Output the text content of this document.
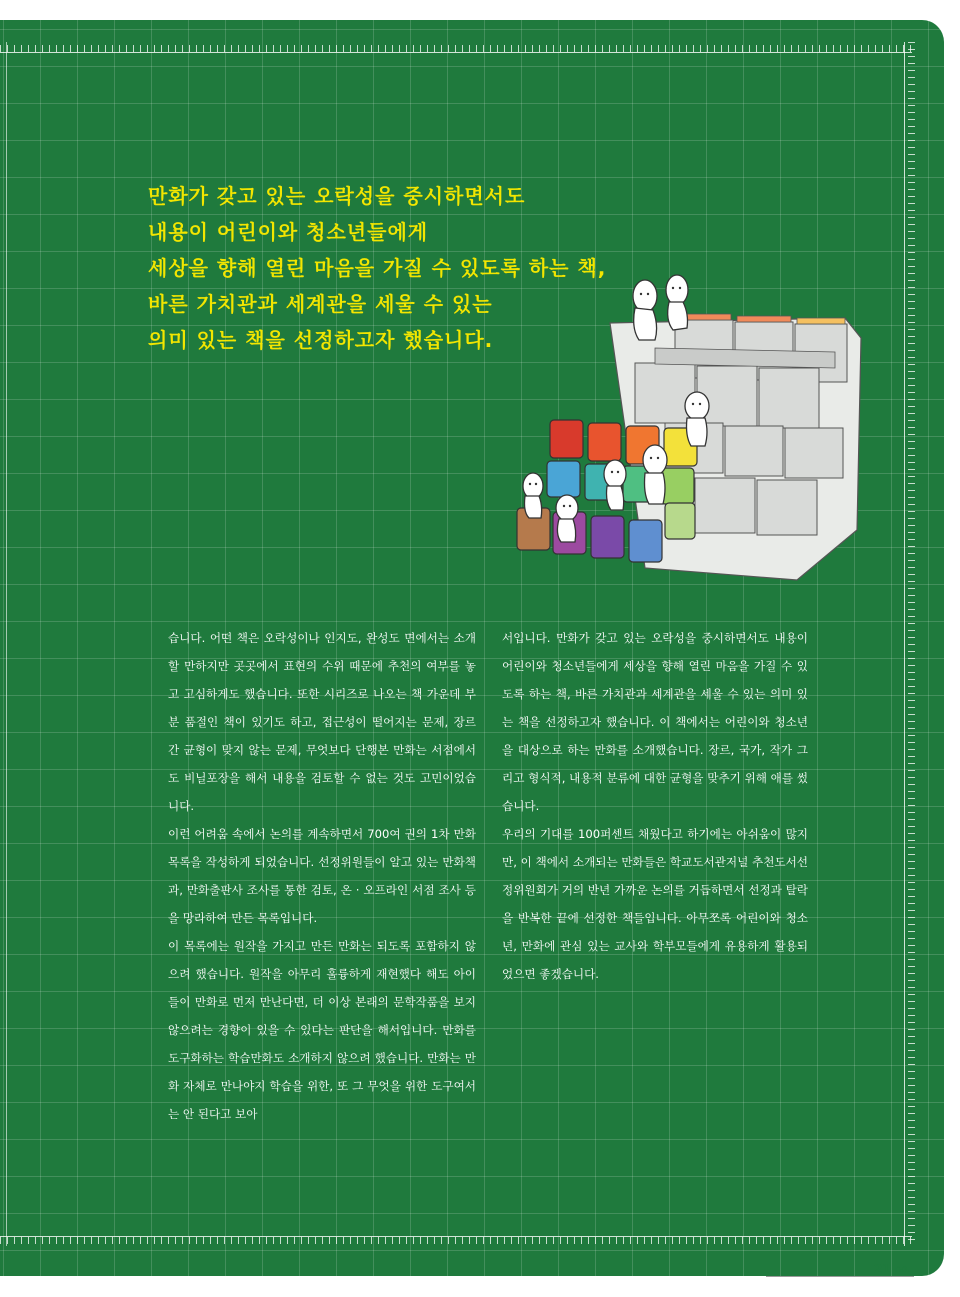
만화가 갖고 있는 오락성을 중시하면서도
내용이 어린이와 청소년들에게
세상을 향해 열린 마음을 가질 수 있도록 하는 책,
바른 가치관과 세계관을 세울 수 있는
의미 있는 책을 선정하고자 했습니다.

습니다. 어떤 책은 오락성이나 인지도, 완성도 면에서는 소개할 만하지만 곳곳에서 표현의 수위 때문에 추천의 여부를 놓고 고심하게도 했습니다. 또한 시리즈로 나오는 책 가운데 부분 품절인 책이 있기도 하고, 접근성이 떨어지는 문제, 장르 간 균형이 맞지 않는 문제, 무엇보다 단행본 만화는 서점에서도 비닐포장을 해서 내용을 검토할 수 없는 것도 고민이었습니다.

이런 어려움 속에서 논의를 계속하면서 700여 권의 1차 만화 목록을 작성하게 되었습니다. 선정위원들이 알고 있는 만화책과, 만화출판사 조사를 통한 검토, 온 · 오프라인 서점 조사 등을 망라하여 만든 목록입니다.

이 목록에는 원작을 가지고 만든 만화는 되도록 포함하지 않으려 했습니다. 원작을 아무리 훌륭하게 재현했다 해도 아이들이 만화로 먼저 만난다면, 더 이상 본래의 문학작품을 보지 않으려는 경향이 있을 수 있다는 판단을 해서입니다. 만화를 도구화하는 학습만화도 소개하지 않으려 했습니다. 만화는 만화 자체로 만나야지 학습을 위한, 또 그 무엇을 위한 도구여서는 안 된다고 보아

서입니다. 만화가 갖고 있는 오락성을 중시하면서도 내용이 어린이와 청소년들에게 세상을 향해 열린 마음을 가질 수 있도록 하는 책, 바른 가치관과 세계관을 세울 수 있는 의미 있는 책을 선정하고자 했습니다. 이 책에서는 어린이와 청소년을 대상으로 하는 만화를 소개했습니다. 장르, 국가, 작가 그리고 형식적, 내용적 분류에 대한 균형을 맞추기 위해 애를 썼습니다.

우리의 기대를 100퍼센트 채웠다고 하기에는 아쉬움이 많지만, 이 책에서 소개되는 만화들은 학교도서관저널 추천도서선정위원회가 거의 반년 가까운 논의를 거듭하면서 선정과 탈락을 반복한 끝에 선정한 책들입니다. 아무쪼록 어린이와 청소년, 만화에 관심 있는 교사와 학부모들에게 유용하게 활용되었으면 좋겠습니다.

21 no.
